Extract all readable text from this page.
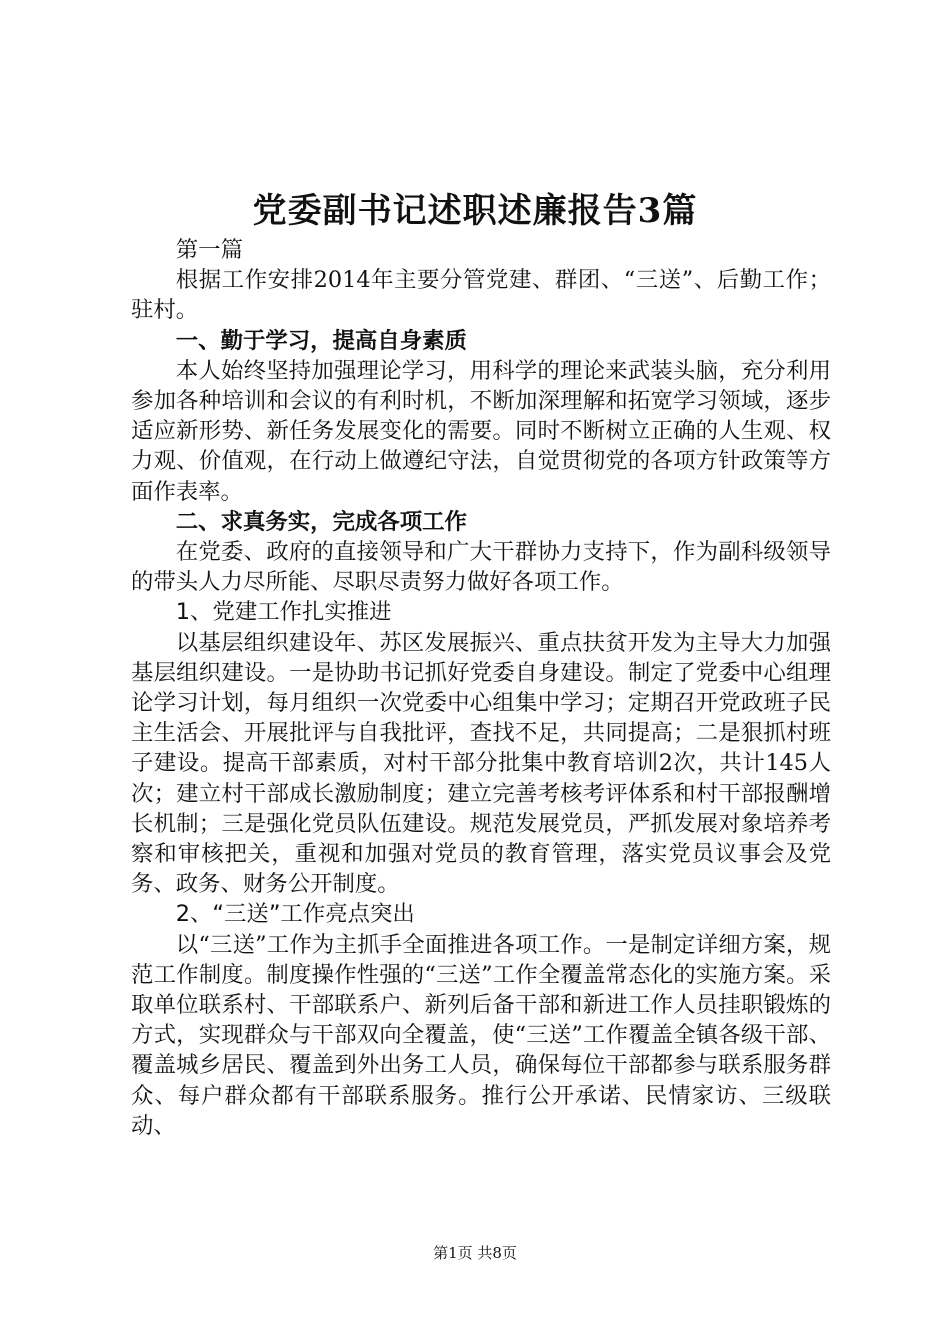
党委副书记述职述廉报告3篇

第一篇

根据工作安排2014年主要分管党建、群团、“三送”、后勤工作；驻村。

一、勤于学习，提高自身素质

本人始终坚持加强理论学习，用科学的理论来武装头脑，充分利用参加各种培训和会议的有利时机，不断加深理解和拓宽学习领域，逐步适应新形势、新任务发展变化的需要。同时不断树立正确的人生观、权力观、价值观，在行动上做遵纪守法，自觉贯彻党的各项方针政策等方面作表率。

二、求真务实，完成各项工作

在党委、政府的直接领导和广大干群协力支持下，作为副科级领导的带头人力尽所能、尽职尽责努力做好各项工作。

1、党建工作扎实推进

以基层组织建设年、苏区发展振兴、重点扶贫开发为主导大力加强基层组织建设。一是协助书记抓好党委自身建设。制定了党委中心组理论学习计划，每月组织一次党委中心组集中学习；定期召开党政班子民主生活会、开展批评与自我批评，查找不足，共同提高；二是狠抓村班子建设。提高干部素质，对村干部分批集中教育培训2次，共计145人次；建立村干部成长激励制度；建立完善考核考评体系和村干部报酬增长机制；三是强化党员队伍建设。规范发展党员，严抓发展对象培养考察和审核把关，重视和加强对党员的教育管理，落实党员议事会及党务、政务、财务公开制度。

2、“三送”工作亮点突出

以“三送”工作为主抓手全面推进各项工作。一是制定详细方案，规范工作制度。制度操作性强的“三送”工作全覆盖常态化的实施方案。采取单位联系村、干部联系户、新列后备干部和新进工作人员挂职锻炼的方式，实现群众与干部双向全覆盖，使“三送”工作覆盖全镇各级干部、覆盖城乡居民、覆盖到外出务工人员，确保每位干部都参与联系服务群众、每户群众都有干部联系服务。推行公开承诺、民情家访、三级联动、

第1页 共8页
